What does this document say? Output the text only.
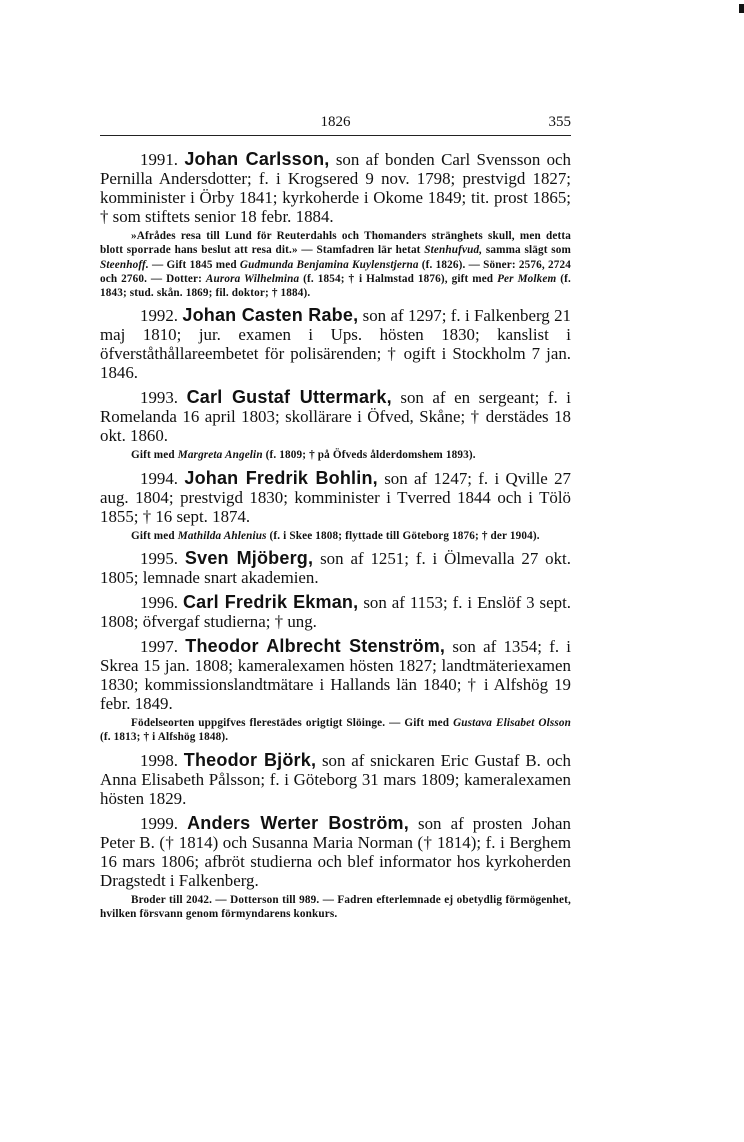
1826	355

1991. Johan Carlsson, son af bonden Carl Svensson och Pernilla Andersdotter; f. i Krogsered 9 nov. 1798; prestvigd 1827; komminister i Örby 1841; kyrkoherde i Okome 1849; tit. prost 1865; † som stiftets senior 18 febr. 1884.

»Afrådes resa till Lund för Reuterdahls och Thomanders stränghets skull, men detta blott sporrade hans beslut att resa dit.» — Stamfadren lär hetat Stenhufvud, samma slägt som Steenhoff. — Gift 1845 med Gudmunda Benjamina Kuylenstjerna (f. 1826). — Söner: 2576, 2724 och 2760. — Dotter: Aurora Wilhelmina (f. 1854; † i Halmstad 1876), gift med Per Molkem (f. 1843; stud. skån. 1869; fil. doktor; † 1884).

1992. Johan Casten Rabe, son af 1297; f. i Falkenberg 21 maj 1810; jur. examen i Ups. hösten 1830; kanslist i öfverståthållareembetet för polisärenden; † ogift i Stockholm 7 jan. 1846.

1993. Carl Gustaf Uttermark, son af en sergeant; f. i Romelanda 16 april 1803; skollärare i Öfved, Skåne; † derstädes 18 okt. 1860.

Gift med Margreta Angelin (f. 1809; † på Öfveds ålderdomshem 1893).

1994. Johan Fredrik Bohlin, son af 1247; f. i Qville 27 aug. 1804; prestvigd 1830; komminister i Tverred 1844 och i Tölö 1855; † 16 sept. 1874.

Gift med Mathilda Ahlenius (f. i Skee 1808; flyttade till Göteborg 1876; † der 1904).

1995. Sven Mjöberg, son af 1251; f. i Ölmevalla 27 okt. 1805; lemnade snart akademien.

1996. Carl Fredrik Ekman, son af 1153; f. i Enslöf 3 sept. 1808; öfvergaf studierna; † ung.

1997. Theodor Albrecht Stenström, son af 1354; f. i Skrea 15 jan. 1808; kameralexamen hösten 1827; landtmäteriexamen 1830; kommissionslandtmätare i Hallands län 1840; † i Alfshög 19 febr. 1849.

Födelseorten uppgifves flerestädes origtigt Slöinge. — Gift med Gustava Elisabet Olsson (f. 1813; † i Alfshög 1848).

1998. Theodor Björk, son af snickaren Eric Gustaf B. och Anna Elisabeth Pålsson; f. i Göteborg 31 mars 1809; kameralexamen hösten 1829.

1999. Anders Werter Boström, son af prosten Johan Peter B. († 1814) och Susanna Maria Norman († 1814); f. i Berghem 16 mars 1806; afbröt studierna och blef informator hos kyrkoherden Dragstedt i Falkenberg.

Broder till 2042. — Dotterson till 989. — Fadren efterlemnade ej obetydlig förmögenhet, hvilken försvann genom förmyndarens konkurs.
